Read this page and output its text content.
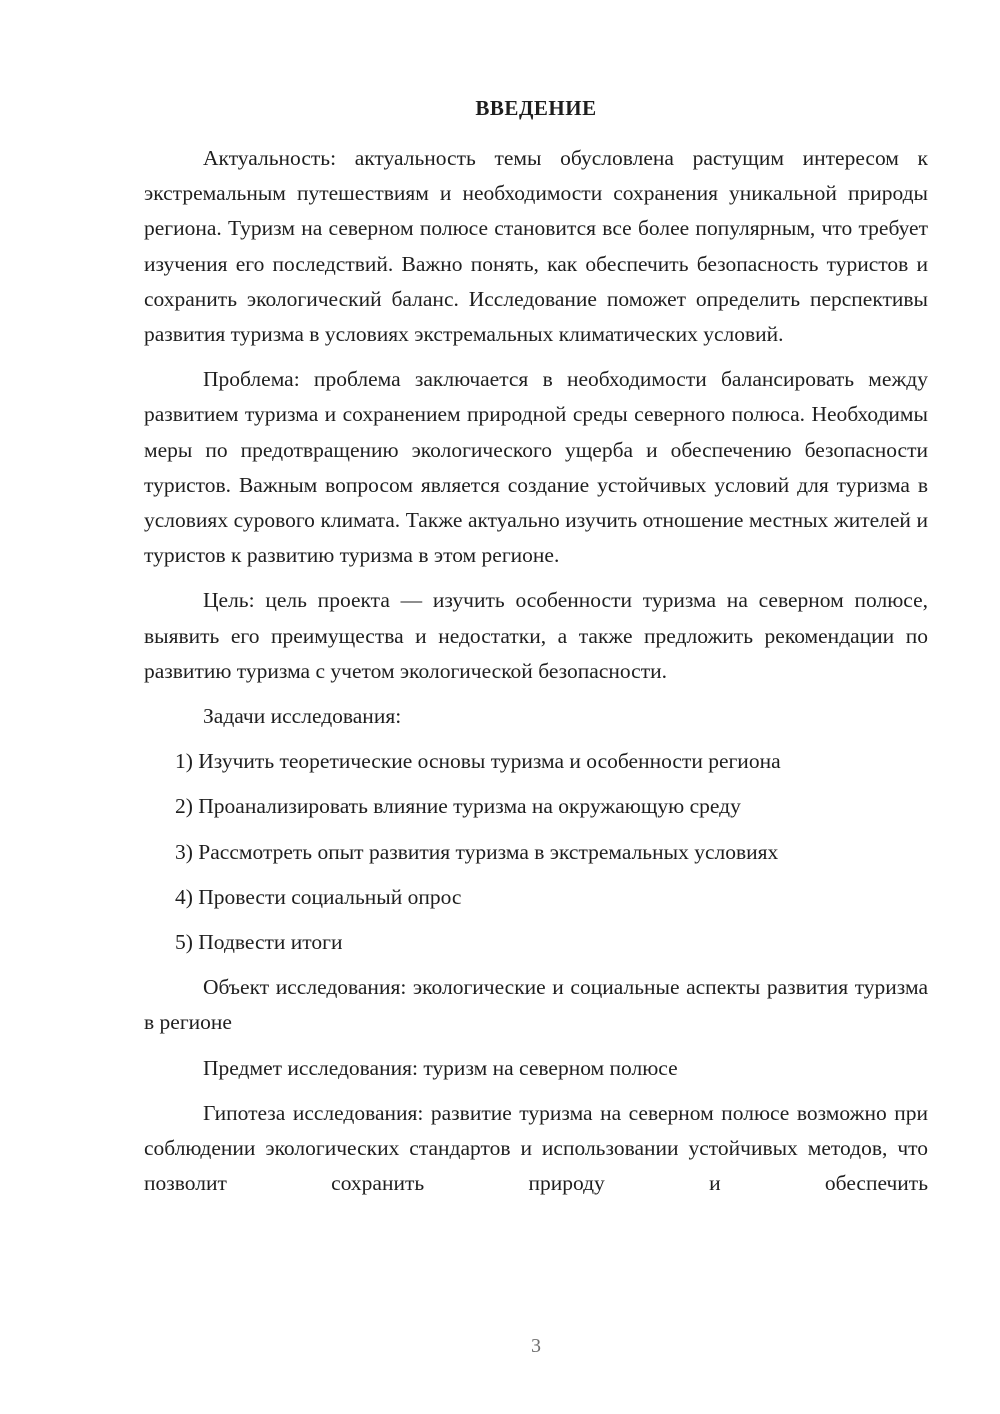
ВВЕДЕНИЕ

Актуальность: актуальность темы обусловлена растущим интересом к экстремальным путешествиям и необходимости сохранения уникальной природы региона. Туризм на северном полюсе становится все более популярным, что требует изучения его последствий. Важно понять, как обеспечить безопасность туристов и сохранить экологический баланс. Исследование поможет определить перспективы развития туризма в условиях экстремальных климатических условий.

Проблема: проблема заключается в необходимости балансировать между развитием туризма и сохранением природной среды северного полюса. Необходимы меры по предотвращению экологического ущерба и обеспечению безопасности туристов. Важным вопросом является создание устойчивых условий для туризма в условиях сурового климата. Также актуально изучить отношение местных жителей и туристов к развитию туризма в этом регионе.

Цель: цель проекта — изучить особенности туризма на северном полюсе, выявить его преимущества и недостатки, а также предложить рекомендации по развитию туризма с учетом экологической безопасности.

Задачи исследования:

1) Изучить теоретические основы туризма и особенности региона
2) Проанализировать влияние туризма на окружающую среду
3) Рассмотреть опыт развития туризма в экстремальных условиях
4) Провести социальный опрос
5) Подвести итоги

Объект исследования: экологические и социальные аспекты развития туризма в регионе

Предмет исследования: туризм на северном полюсе

Гипотеза исследования: развитие туризма на северном полюсе возможно при соблюдении экологических стандартов и использовании устойчивых методов, что позволит сохранить природу и обеспечить

3
